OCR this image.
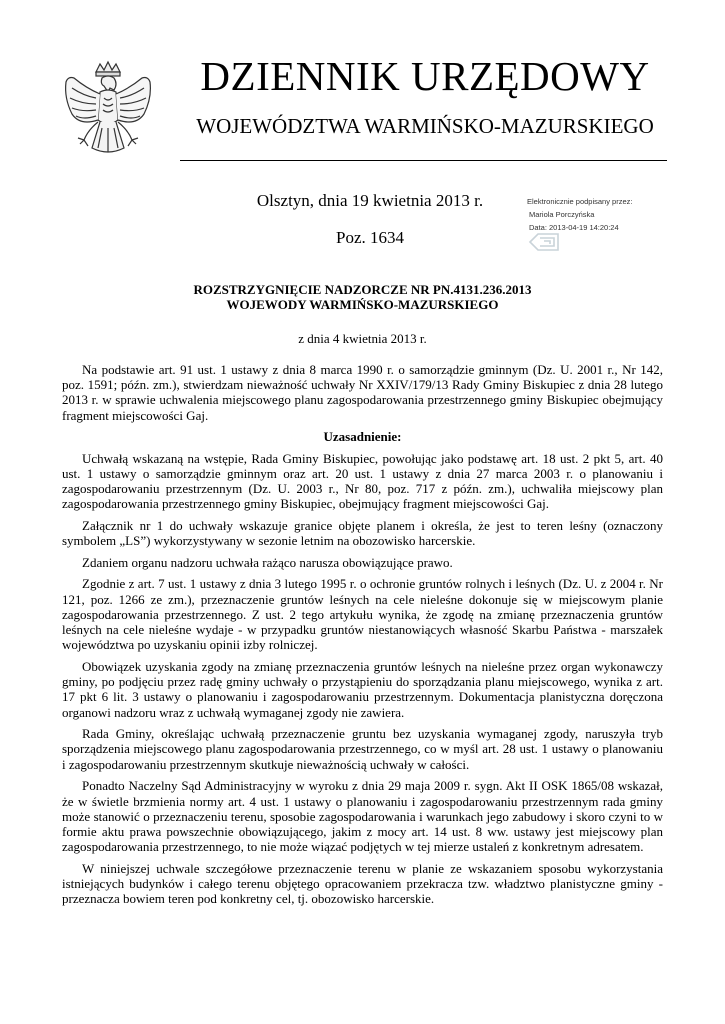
DZIENNIK URZĘDOWY
WOJEWÓDZTWA WARMIŃSKO-MAZURSKIEGO
Olsztyn, dnia 19 kwietnia 2013 r.
Poz. 1634
Elektronicznie podpisany przez:
Mariola Porczyńska
Data: 2013-04-19 14:20:24
ROZSTRZYGNIĘCIE NADZORCZE NR PN.4131.236.2013
WOJEWODY WARMIŃSKO-MAZURSKIEGO
z dnia 4 kwietnia 2013 r.

Na podstawie art. 91 ust. 1 ustawy z dnia 8 marca 1990 r. o samorządzie gminnym (Dz. U. 2001 r., Nr 142, poz. 1591; późn. zm.), stwierdzam nieważność uchwały Nr XXIV/179/13 Rady Gminy Biskupiec z dnia 28 lutego 2013 r. w sprawie uchwalenia miejscowego planu zagospodarowania przestrzennego gminy Biskupiec obejmujący fragment miejscowości Gaj.

Uzasadnienie:

Uchwałą wskazaną na wstępie, Rada Gminy Biskupiec, powołując jako podstawę art. 18 ust. 2 pkt 5, art. 40 ust. 1 ustawy o samorządzie gminnym oraz art. 20 ust. 1 ustawy z dnia 27 marca 2003 r. o planowaniu i zagospodarowaniu przestrzennym (Dz. U. 2003 r., Nr 80, poz. 717 z późn. zm.), uchwaliła miejscowy plan zagospodarowania przestrzennego gminy Biskupiec, obejmujący fragment miejscowości Gaj.

Załącznik nr 1 do uchwały wskazuje granice objęte planem i określa, że jest to teren leśny (oznaczony symbolem „LS”) wykorzystywany w sezonie letnim na obozowisko harcerskie.

Zdaniem organu nadzoru uchwała rażąco narusza obowiązujące prawo.

Zgodnie z art. 7 ust. 1 ustawy z dnia 3 lutego 1995 r. o ochronie gruntów rolnych i leśnych (Dz. U. z 2004 r. Nr 121, poz. 1266 ze zm.), przeznaczenie gruntów leśnych na cele nieleśne dokonuje się w miejscowym planie zagospodarowania przestrzennego. Z ust. 2 tego artykułu wynika, że zgodę na zmianę przeznaczenia gruntów leśnych na cele nieleśne wydaje - w przypadku gruntów niestanowiących własność Skarbu Państwa - marszałek województwa po uzyskaniu opinii izby rolniczej.

Obowiązek uzyskania zgody na zmianę przeznaczenia gruntów leśnych na nieleśne przez organ wykonawczy gminy, po podjęciu przez radę gminy uchwały o przystąpieniu do sporządzania planu miejscowego, wynika z art. 17 pkt 6 lit. 3 ustawy o planowaniu i zagospodarowaniu przestrzennym. Dokumentacja planistyczna doręczona organowi nadzoru wraz z uchwałą wymaganej zgody nie zawiera.

Rada Gminy, określając uchwałą przeznaczenie gruntu bez uzyskania wymaganej zgody, naruszyła tryb sporządzenia miejscowego planu zagospodarowania przestrzennego, co w myśl art. 28 ust. 1 ustawy o planowaniu i zagospodarowaniu przestrzennym skutkuje nieważnością uchwały w całości.

Ponadto Naczelny Sąd Administracyjny w wyroku z dnia 29 maja 2009 r. sygn. Akt II OSK 1865/08 wskazał, że w świetle brzmienia normy art. 4 ust. 1 ustawy o planowaniu i zagospodarowaniu przestrzennym rada gminy może stanowić o przeznaczeniu terenu, sposobie zagospodarowania i warunkach jego zabudowy i skoro czyni to w formie aktu prawa powszechnie obowiązującego, jakim z mocy art. 14 ust. 8 ww. ustawy jest miejscowy plan zagospodarowania przestrzennego, to nie może wiązać podjętych w tej mierze ustaleń z konkretnym adresatem.

W niniejszej uchwale szczegółowe przeznaczenie terenu w planie ze wskazaniem sposobu wykorzystania istniejących budynków i całego terenu objętego opracowaniem przekracza tzw. władztwo planistyczne gminy - przeznacza bowiem teren pod konkretny cel, tj. obozowisko harcerskie.
